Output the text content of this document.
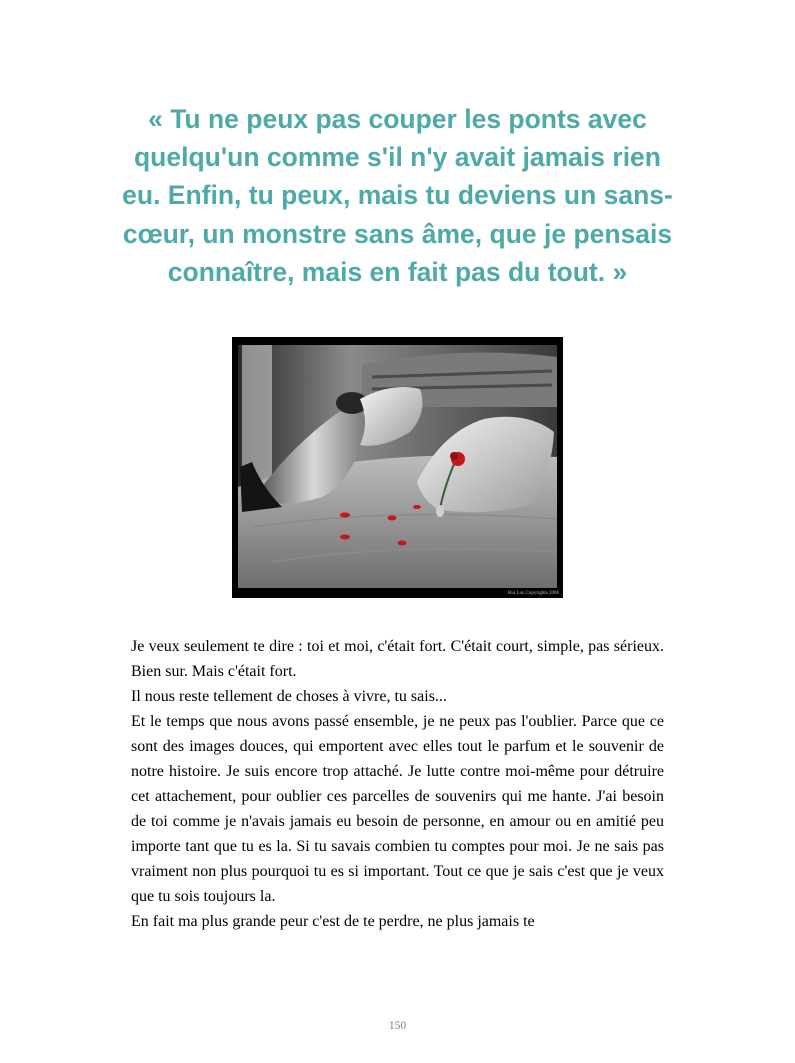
« Tu ne peux pas couper les ponts avec quelqu'un comme s'il n'y avait jamais rien eu. Enfin, tu peux, mais tu deviens un sans-cœur, un monstre sans âme, que je pensais connaître, mais en fait pas du tout. »

Rui Luz Copyrights 2006

Je veux seulement te dire : toi et moi, c'était fort. C'était court, simple, pas sérieux. Bien sur. Mais c'était fort.

Il nous reste tellement de choses à vivre, tu sais...

Et le temps que nous avons passé ensemble, je ne peux pas l'oublier. Parce que ce sont des images douces, qui emportent avec elles tout le parfum et le souvenir de notre histoire. Je suis encore trop attaché. Je lutte contre moi-même pour détruire cet attachement, pour oublier ces parcelles de souvenirs qui me hante. J'ai besoin de toi comme je n'avais jamais eu besoin de personne, en amour ou en amitié peu importe tant que tu es la. Si tu savais combien tu comptes pour moi. Je ne sais pas vraiment non plus pourquoi tu es si important. Tout ce que je sais c'est que je veux que tu sois toujours la.

En fait ma plus grande peur c'est de te perdre, ne plus jamais te

150
